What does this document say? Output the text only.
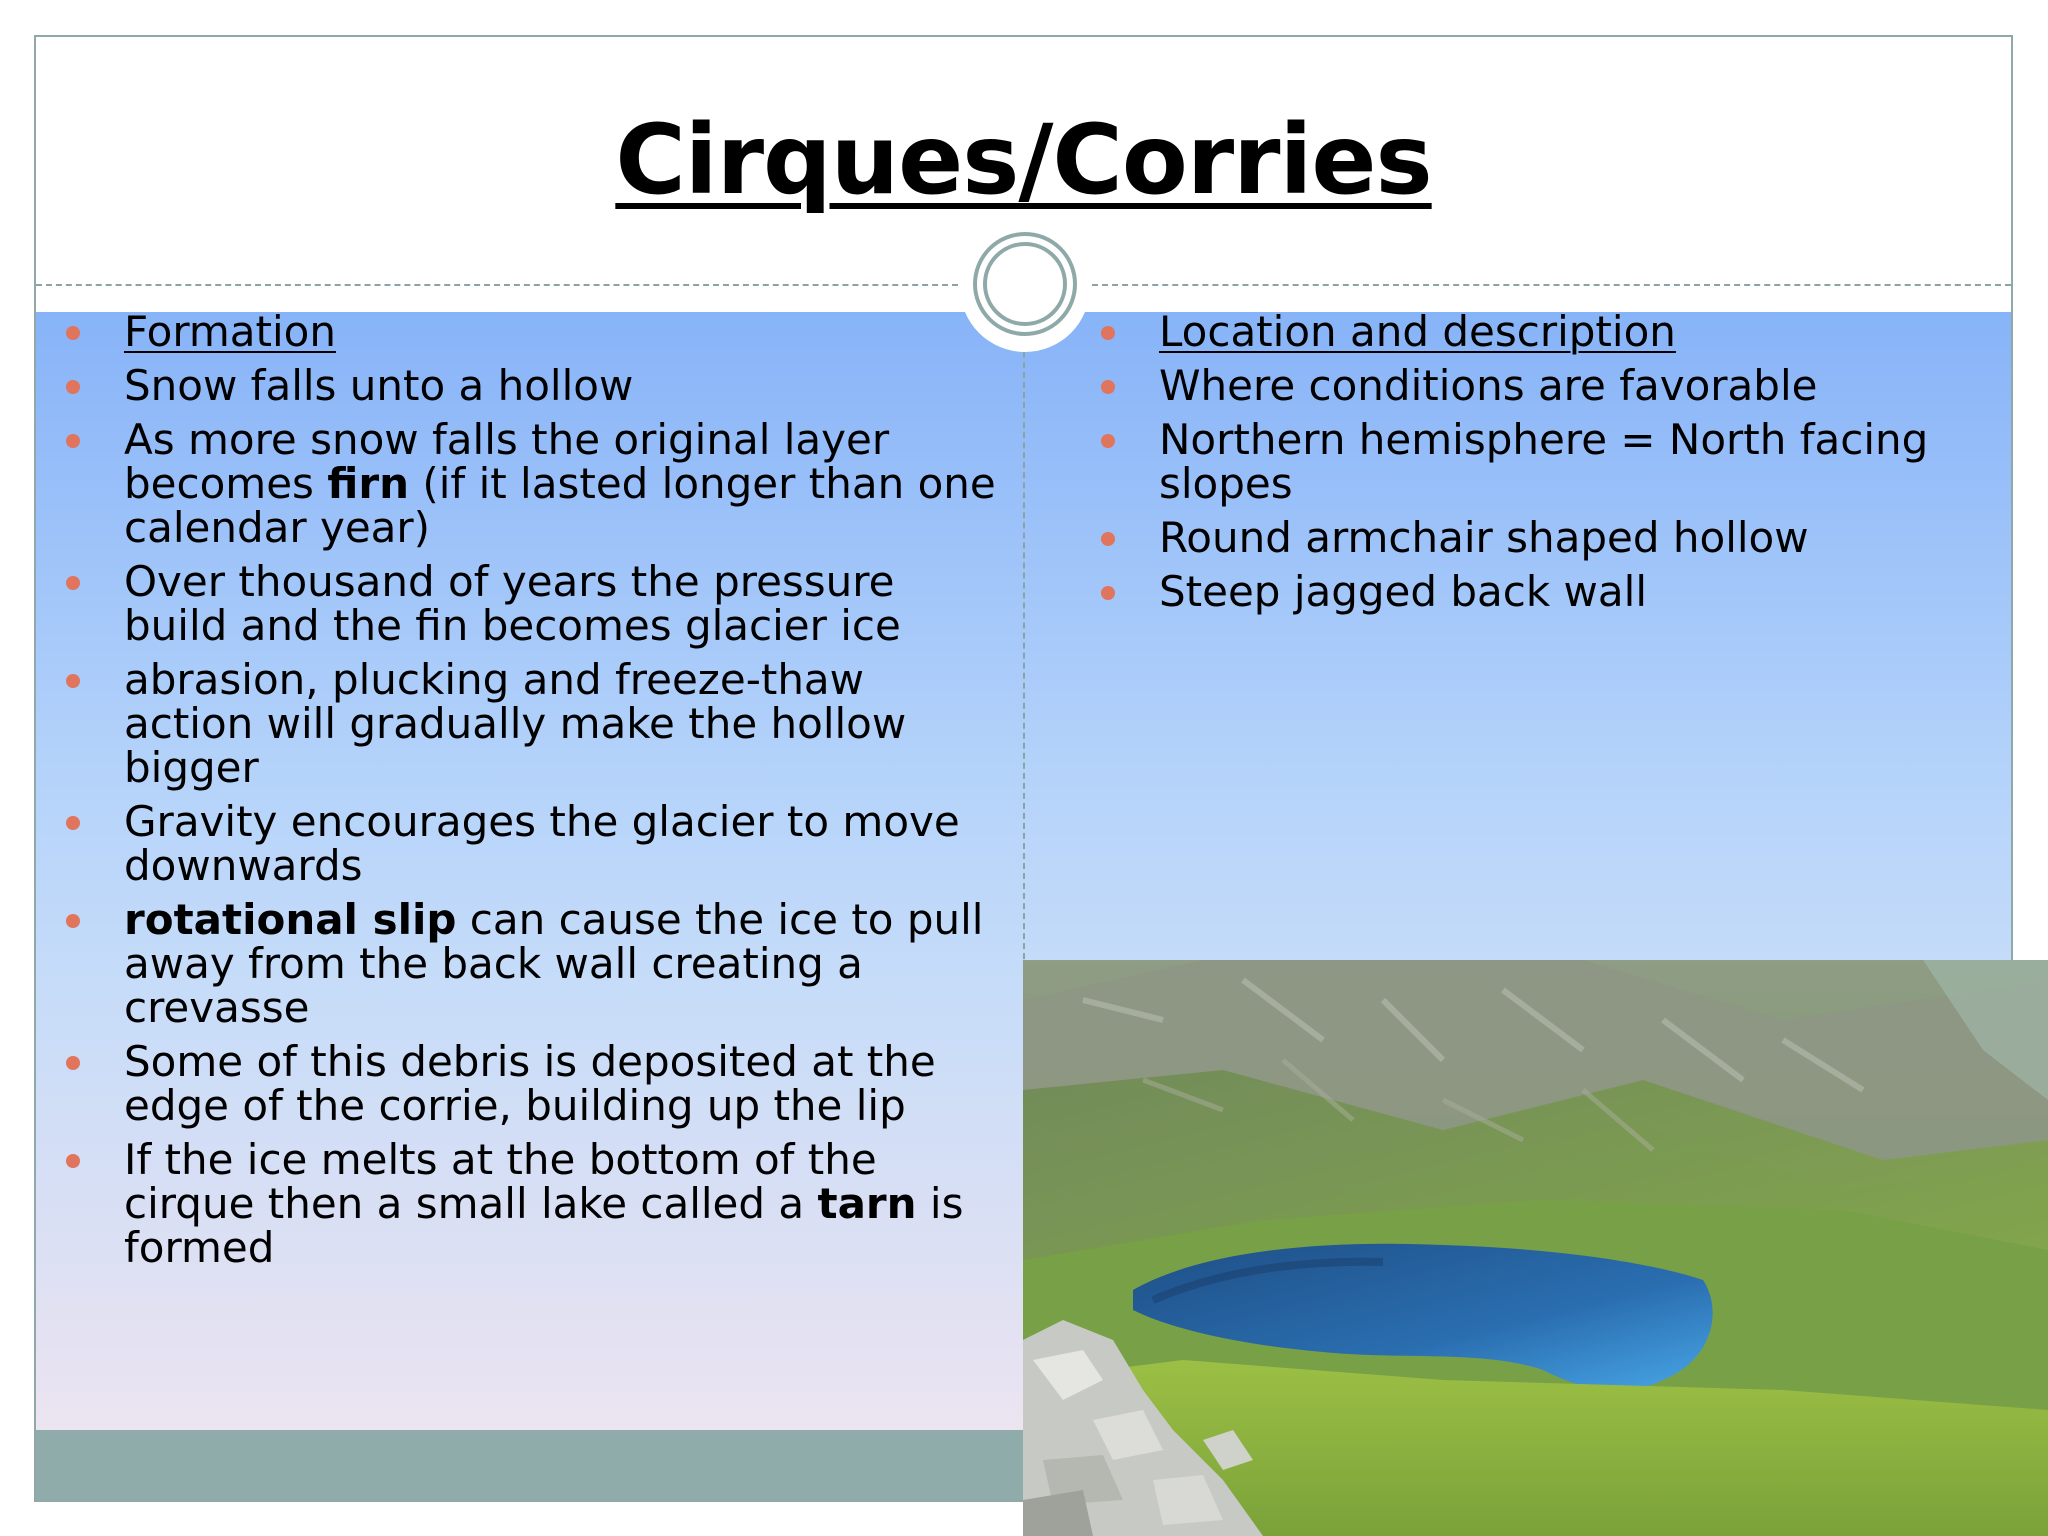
Cirques/Corries
Formation
Snow falls unto a hollow
As more snow falls the original layer becomes firn (if it lasted longer than one calendar year)
Over thousand of years the pressure build and the fin becomes glacier ice
abrasion, plucking and freeze-thaw action will gradually make the hollow bigger
Gravity encourages the glacier to move downwards
rotational slip can cause the ice to pull away from the back wall creating a crevasse
Some of this debris is deposited at the edge of the corrie, building up the lip
If the ice melts at the bottom of the cirque then a small lake called a tarn is formed
Location and description
Where conditions are favorable
Northern hemisphere = North facing slopes
Round armchair shaped hollow
Steep jagged back wall
